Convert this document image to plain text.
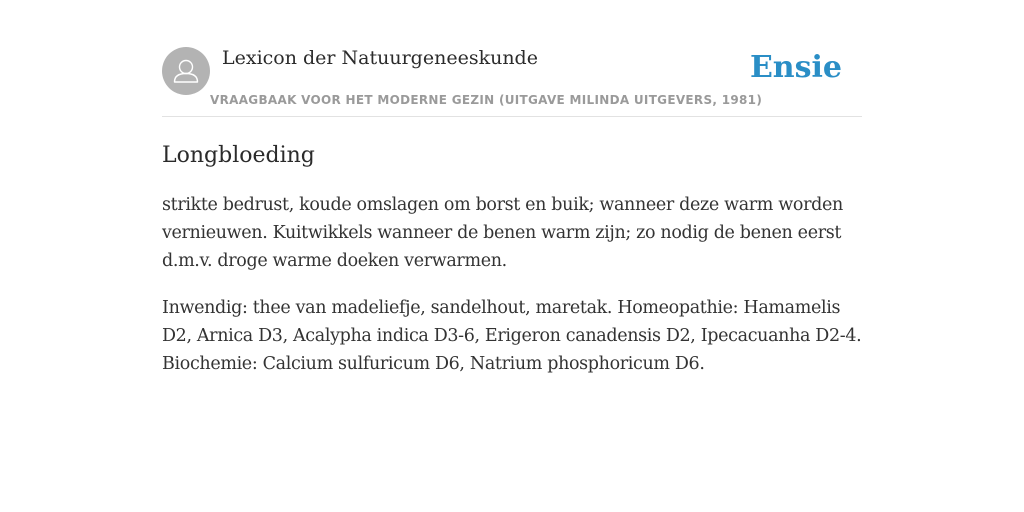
Lexicon der Natuurgeneeskunde
VRAAGBAAK VOOR HET MODERNE GEZIN (UITGAVE MILINDA UITGEVERS, 1981)
Ensie
Longbloeding

strikte bedrust, koude omslagen om borst en buik; wanneer deze warm worden vernieuwen. Kuitwikkels wanneer de benen warm zijn; zo nodig de benen eerst d.m.v. droge warme doeken verwarmen.

Inwendig: thee van madeliefje, sandelhout, maretak. Homeopathie: Hamamelis D2, Arnica D3, Acalypha indica D3-6, Erigeron canadensis D2, Ipecacuanha D2-4. Biochemie: Calcium sulfuricum D6, Natrium phosphoricum D6.
